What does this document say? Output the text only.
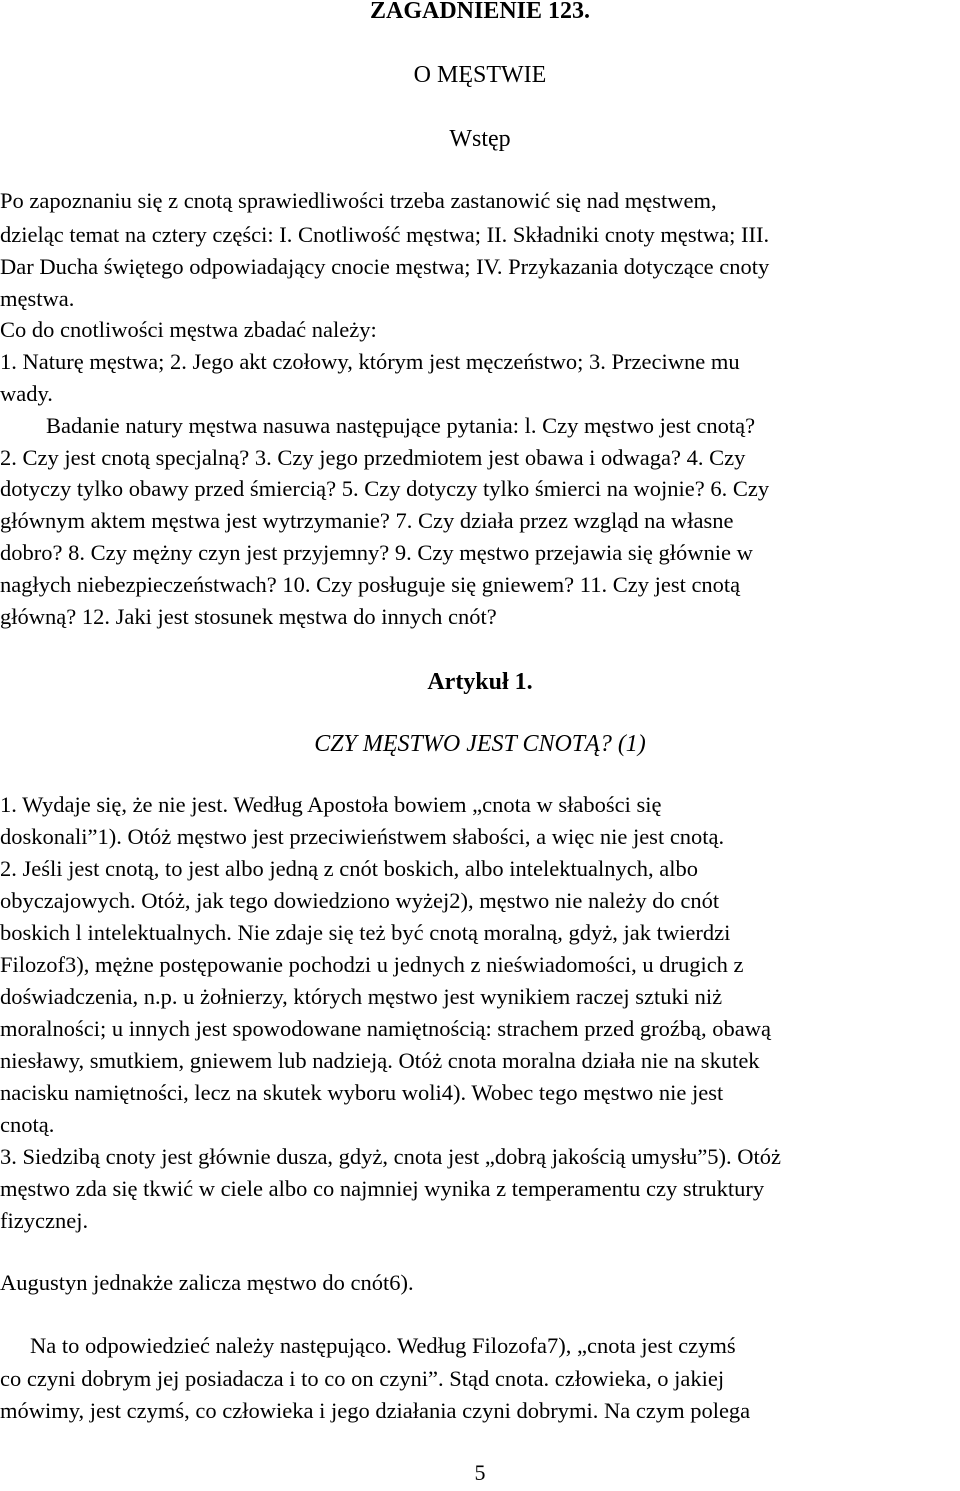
ZAGADNIENIE 123.

O MĘSTWIE

Wstęp

Po zapoznaniu się z cnotą sprawiedliwości trzeba zastanowić się nad męstwem,

dzieląc temat na cztery części: I. Cnotliwość męstwa; II. Składniki cnoty męstwa; III.

Dar Ducha świętego odpowiadający cnocie męstwa; IV. Przykazania dotyczące cnoty

męstwa.

Co do cnotliwości męstwa zbadać należy:

1. Naturę męstwa; 2. Jego akt czołowy, którym jest męczeństwo; 3. Przeciwne mu

wady.

Badanie natury męstwa nasuwa następujące pytania: l. Czy męstwo jest cnotą?

2. Czy jest cnotą specjalną? 3. Czy jego przedmiotem jest obawa i odwaga? 4. Czy

dotyczy tylko obawy przed śmiercią? 5. Czy dotyczy tylko śmierci na wojnie? 6. Czy

głównym aktem męstwa jest wytrzymanie? 7. Czy działa przez wzgląd na własne

dobro? 8. Czy mężny czyn jest przyjemny? 9. Czy męstwo przejawia się głównie w

nagłych niebezpieczeństwach? 10. Czy posługuje się gniewem? 11. Czy jest cnotą

główną? 12. Jaki jest stosunek męstwa do innych cnót?

Artykuł 1.

CZY MĘSTWO JEST CNOTĄ? (1)

1. Wydaje się, że nie jest. Według Apostoła bowiem „cnota w słabości się

doskonali”1). Otóż męstwo jest przeciwieństwem słabości, a więc nie jest cnotą.

2. Jeśli jest cnotą, to jest albo jedną z cnót boskich, albo intelektualnych, albo

obyczajowych. Otóż, jak tego dowiedziono wyżej2), męstwo nie należy do cnót

boskich l intelektualnych. Nie zdaje się też być cnotą moralną, gdyż, jak twierdzi

Filozof3), mężne postępowanie pochodzi u jednych z nieświadomości, u drugich z

doświadczenia, n.p. u żołnierzy, których męstwo jest wynikiem raczej sztuki niż

moralności; u innych jest spowodowane namiętnością: strachem przed groźbą, obawą

niesławy, smutkiem, gniewem lub nadzieją. Otóż cnota moralna działa nie na skutek

nacisku namiętności, lecz na skutek wyboru woli4). Wobec tego męstwo nie jest

cnotą.

3. Siedzibą cnoty jest głównie dusza, gdyż, cnota jest „dobrą jakością umysłu”5). Otóż

męstwo zda się tkwić w ciele albo co najmniej wynika z temperamentu czy struktury

fizycznej.

Augustyn jednakże zalicza męstwo do cnót6).

Na to odpowiedzieć należy następująco. Według Filozofa7), „cnota jest czymś

co czyni dobrym jej posiadacza i to co on czyni”. Stąd cnota. człowieka, o jakiej

mówimy, jest czymś, co człowieka i jego działania czyni dobrymi. Na czym polega

5
